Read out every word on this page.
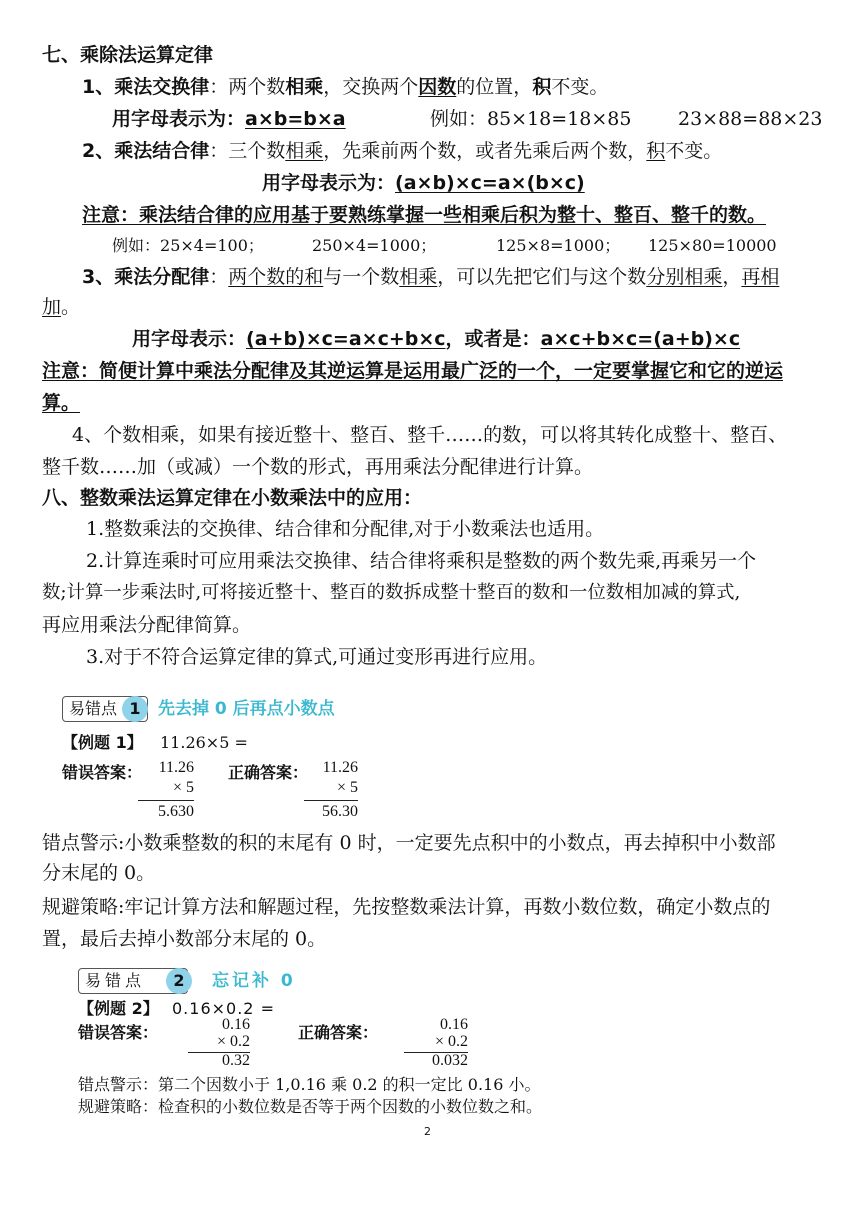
七、乘除法运算定律
1、乘法交换律：两个数相乘，交换两个因数的位置，积不变。
用字母表示为：a×b=b×a	例如：85×18=18×85 23×88=88×23
2、乘法结合律：三个数相乘，先乘前两个数，或者先乘后两个数，积不变。
用字母表示为：(a×b)×c=a×(b×c)
注意：乘法结合律的应用基于要熟练掌握一些相乘后积为整十、整百、整千的数。
例如：25×4=100；	250×4=1000；	125×8=1000； 125×80=10000
3、乘法分配律：两个数的和与一个数相乘，可以先把它们与这个数分别相乘，再相
加。
用字母表示：(a+b)×c=a×c+b×c，或者是：a×c+b×c=(a+b)×c
注意：简便计算中乘法分配律及其逆运算是运用最广泛的一个，一定要掌握它和它的逆运
算。
4、个数相乘，如果有接近整十、整百、整千……的数，可以将其转化成整十、整百、
整千数……加（或减）一个数的形式，再用乘法分配律进行计算。
八、整数乘法运算定律在小数乘法中的应用：
1.整数乘法的交换律、结合律和分配律,对于小数乘法也适用。
2.计算连乘时可应用乘法交换律、结合律将乘积是整数的两个数先乘,再乘另一个
数;计算一步乘法时,可将接近整十、整百的数拆成整十整百的数和一位数相加减的算式,
再应用乘法分配律简算。
3.对于不符合运算定律的算式,可通过变形再进行应用。
易错点 1	先去掉 0 后再点小数点
【例题 1】 11.26×5 =
错误答案：	11.26
× 5
5.630
正确答案： 11.26
× 5
56.30
错点警示:小数乘整数的积的末尾有 0 时，一定要先点积中的小数点，再去掉积中小数部
分末尾的 0。
规避策略:牢记计算方法和解题过程，先按整数乘法计算，再数小数位数，确定小数点的
置，最后去掉小数部分末尾的 0。
易错点	2	忘记补 0
【例题 2】 0.16×0.2 =
错误答案：	0.16
× 0.2
0.32
正确答案：	0.16
× 0.2
0.032
错点警示：第二个因数小于 1,0.16 乘 0.2 的积一定比 0.16 小。
规避策略：检查积的小数位数是否等于两个因数的小数位数之和。
2
